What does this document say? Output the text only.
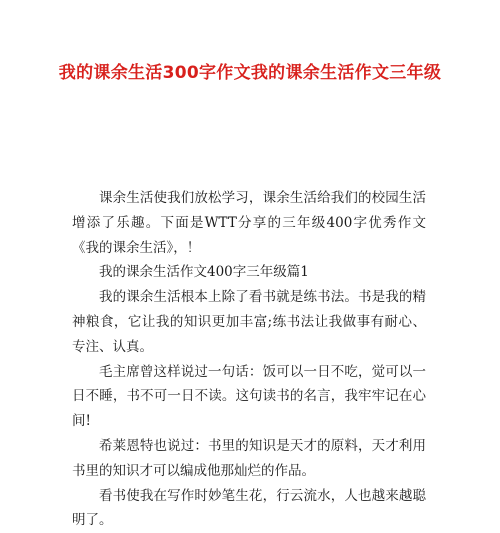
我的课余生活300字作文我的课余生活作文三年级

课余生活使我们放松学习，课余生活给我们的校园生活增添了乐趣。下面是WTT分享的三年级400字优秀作文《我的课余生活》，！

我的课余生活作文400字三年级篇1

我的课余生活根本上除了看书就是练书法。书是我的精神粮食，它让我的知识更加丰富;练书法让我做事有耐心、专注、认真。

毛主席曾这样说过一句话：饭可以一日不吃，觉可以一日不睡，书不可一日不读。这句读书的名言，我牢牢记在心间!

希莱恩特也说过：书里的知识是天才的原料，天才利用书里的知识才可以编成他那灿烂的作品。

看书使我在写作时妙笔生花，行云流水，人也越来越聪明了。
